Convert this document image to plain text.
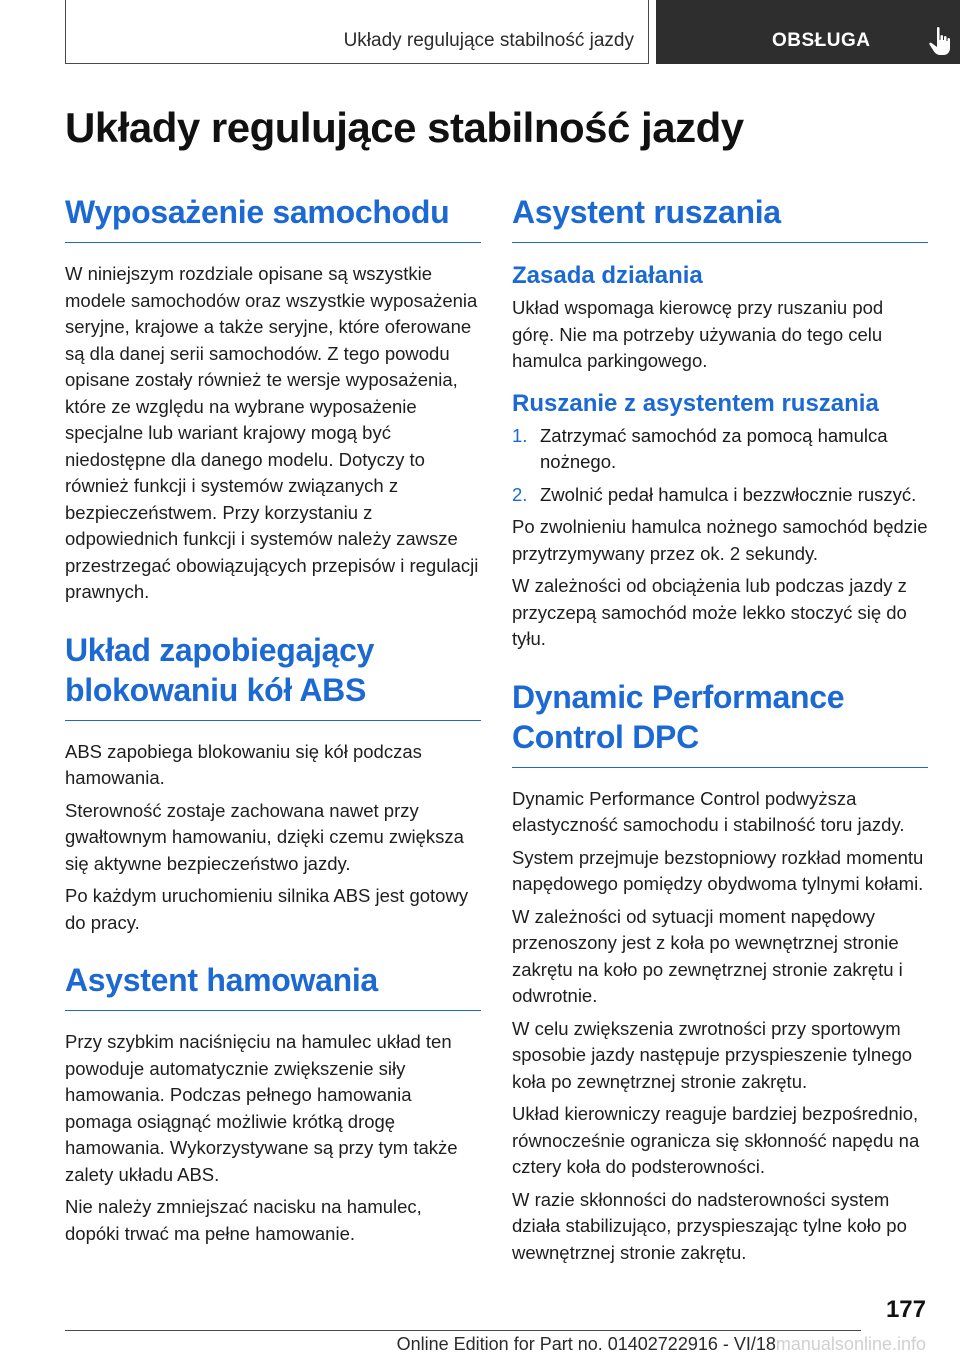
Układy regulujące stabilność jazdy	OBSŁUGA
Układy regulujące stabilność jazdy
Wyposażenie samochodu

W niniejszym rozdziale opisane są wszystkie modele samochodów oraz wszystkie wyposażenia seryjne, krajowe a także seryjne, które oferowane są dla danej serii samochodów. Z tego powodu opisane zostały również te wersje wyposażenia, które ze względu na wybrane wyposażenie specjalne lub wariant krajowy mogą być niedostępne dla danego modelu. Dotyczy to również funkcji i systemów związanych z bezpieczeństwem. Przy korzystaniu z odpowiednich funkcji i systemów należy zawsze przestrzegać obowiązujących przepisów i regulacji prawnych.

Układ zapobiegający blokowaniu kół ABS

ABS zapobiega blokowaniu się kół podczas hamowania.

Sterowność zostaje zachowana nawet przy gwałtownym hamowaniu, dzięki czemu zwiększa się aktywne bezpieczeństwo jazdy.

Po każdym uruchomieniu silnika ABS jest gotowy do pracy.

Asystent hamowania

Przy szybkim naciśnięciu na hamulec układ ten powoduje automatycznie zwiększenie siły hamowania. Podczas pełnego hamowania pomaga osiągnąć możliwie krótką drogę hamowania. Wykorzystywane są przy tym także zalety układu ABS.

Nie należy zmniejszać nacisku na hamulec, dopóki trwać ma pełne hamowanie.

Asystent ruszania
Zasada działania

Układ wspomaga kierowcę przy ruszaniu pod górę. Nie ma potrzeby używania do tego celu hamulca parkingowego.

Ruszanie z asystentem ruszania
1. Zatrzymać samochód za pomocą hamulca nożnego.
2. Zwolnić pedał hamulca i bezzwłocznie ruszyć.

Po zwolnieniu hamulca nożnego samochód będzie przytrzymywany przez ok. 2 sekundy.

W zależności od obciążenia lub podczas jazdy z przyczepą samochód może lekko stoczyć się do tyłu.

Dynamic Performance Control DPC

Dynamic Performance Control podwyższa elastyczność samochodu i stabilność toru jazdy.

System przejmuje bezstopniowy rozkład momentu napędowego pomiędzy obydwoma tylnymi kołami.

W zależności od sytuacji moment napędowy przenoszony jest z koła po wewnętrznej stronie zakrętu na koło po zewnętrznej stronie zakrętu i odwrotnie.

W celu zwiększenia zwrotności przy sportowym sposobie jazdy następuje przyspieszenie tylnego koła po zewnętrznej stronie zakrętu.

Układ kierowniczy reaguje bardziej bezpośrednio, równocześnie ogranicza się skłonność napędu na cztery koła do podsterowności.

W razie skłonności do nadsterowności system działa stabilizująco, przyspieszając tylne koło po wewnętrznej stronie zakrętu.

177
Online Edition for Part no. 01402722916 - VI/18manualsonline.info
